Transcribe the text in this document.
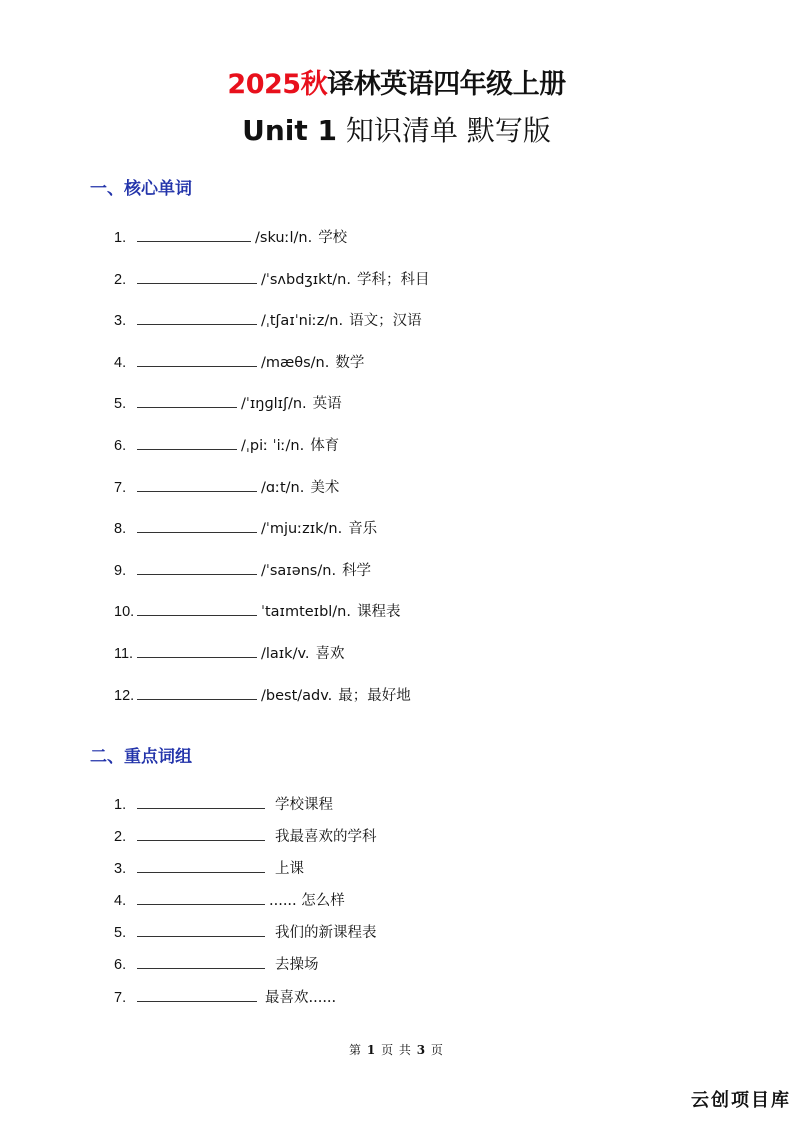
2025秋译林英语四年级上册
Unit 1 知识清单 默写版
一、核心单词
1.	/skuːl/n. 学校
2.	/ˈsʌbdʒɪkt/n. 学科；科目
3.	/ˌtʃaɪˈniːz/n. 语文；汉语
4.	/mæθs/n. 数学
5.	/ˈɪŋɡlɪʃ/n. 英语
6.	/ˌpiː ˈiː/n. 体育
7.	/ɑːt/n. 美术
8.	/ˈmjuːzɪk/n. 音乐
9.	/ˈsaɪəns/n. 科学
10.	ˈtaɪmteɪbl/n. 课程表
11.	/laɪk/v. 喜欢
12.	/best/adv. 最；最好地
二、重点词组
1.	学校课程
2.	我最喜欢的学科
3.	上课
4.	...... 怎么样
5.	我们的新课程表
6.	去操场
7.	最喜欢......
第 1 页 共 3 页
云创项目库
